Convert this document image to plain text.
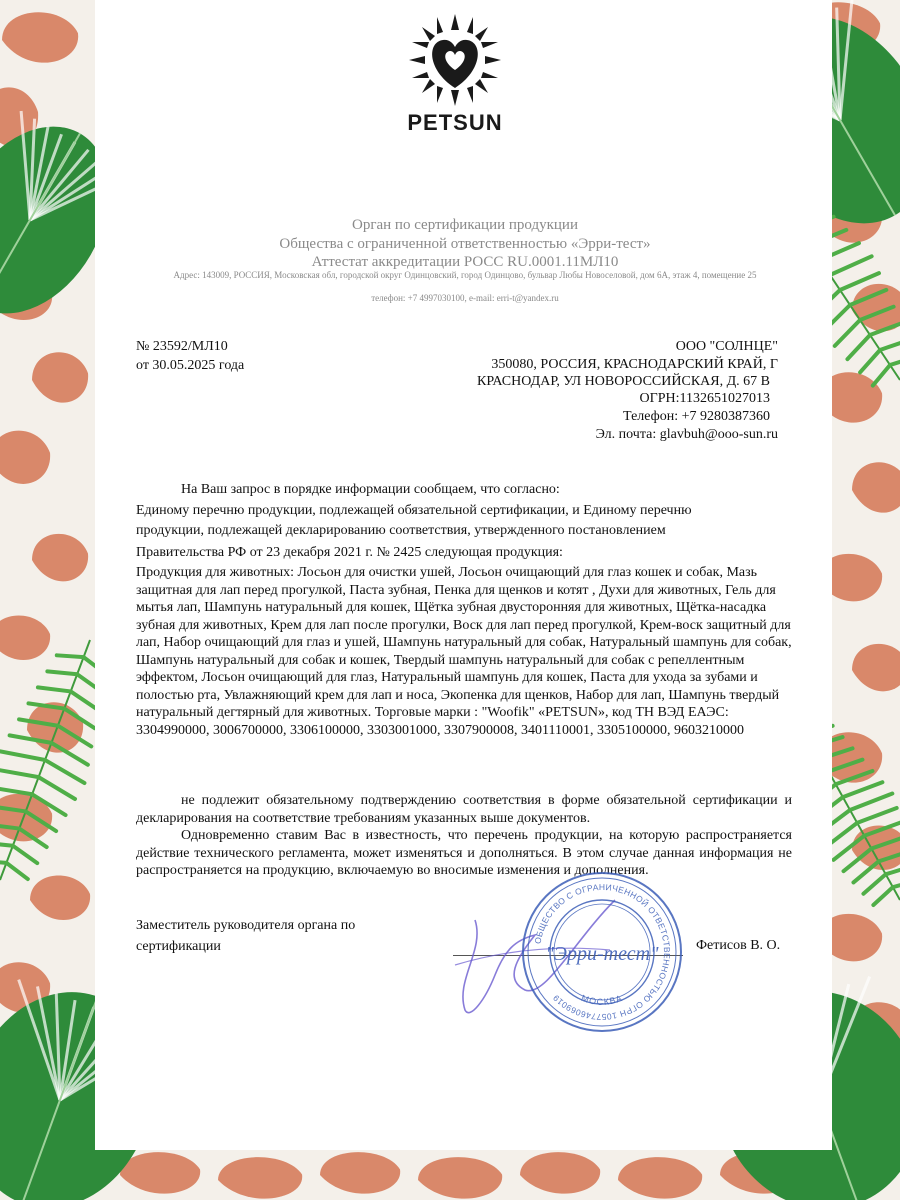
PETSUN
Орган по сертификации продукции
Общества с ограниченной ответственностью «Эрри-тест»
Аттестат аккредитации РОСС RU.0001.11МЛ10
Адрес: 143009, РОССИЯ, Московская обл, городской округ Одинцовский, город Одинцово, бульвар Любы Новоселовой, дом 6А, этаж 4, помещение 25
телефон: +7 4997030100, e-mail: erri-t@yandex.ru
№ 23592/МЛ10
от 30.05.2025 года
ООО "СОЛНЦЕ"
350080, РОССИЯ, КРАСНОДАРСКИЙ КРАЙ, Г
КРАСНОДАР, УЛ НОВОРОССИЙСКАЯ, Д. 67 В
ОГРН:1132651027013
Телефон: +7 9280387360
Эл. почта: glavbuh@ooo-sun.ru
На Ваш запрос в порядке информации сообщаем, что согласно:
Единому перечню продукции, подлежащей обязательной сертификации, и Единому перечню
продукции, подлежащей декларированию соответствия, утвержденного постановлением
Правительства РФ от 23 декабря 2021 г. № 2425 следующая продукция:
Продукция для животных: Лосьон для очистки ушей, Лосьон очищающий для глаз кошек и собак, Мазь защитная для лап перед прогулкой, Паста зубная, Пенка для щенков и котят , Духи для животных, Гель для мытья лап, Шампунь натуральный для кошек, Щётка зубная двусторонняя для животных, Щётка-насадка зубная для животных, Крем для лап после прогулки, Воск для лап перед прогулкой, Крем-воск защитный для лап, Набор очищающий для глаз и ушей, Шампунь натуральный для собак, Натуральный шампунь для собак, Шампунь натуральный для собак и кошек, Твердый шампунь натуральный для собак с репеллентным эффектом, Лосьон очищающий для глаз, Натуральный шампунь для кошек, Паста для ухода за зубами и полостью рта, Увлажняющий крем для лап и носа, Экопенка для щенков, Набор для лап, Шампунь твердый натуральный дегтярный для животных. Торговые марки : "Woofik" «PETSUN», код ТН ВЭД ЕАЭС: 3304990000, 3006700000, 3306100000, 3303001000, 3307900008, 3401110001, 3305100000, 9603210000
не подлежит обязательному подтверждению соответствия в форме обязательной сертификации и декларирования на соответствие требованиям указанных выше документов.
Одновременно ставим Вас в известность, что перечень продукции, на которую распространяется действие технического регламента, может изменяться и дополняться. В этом случае данная информация не распространяется на продукцию, включаемую во вносимые изменения и дополнения.
Заместитель руководителя органа по
сертификации	Фетисов В. О.
ОБЩЕСТВО С ОГРАНИЧЕННОЙ ОТВЕТСТВЕННОСТЬЮ ОГРН 1057746069019
"Эрри-тест"
МОСКВА
